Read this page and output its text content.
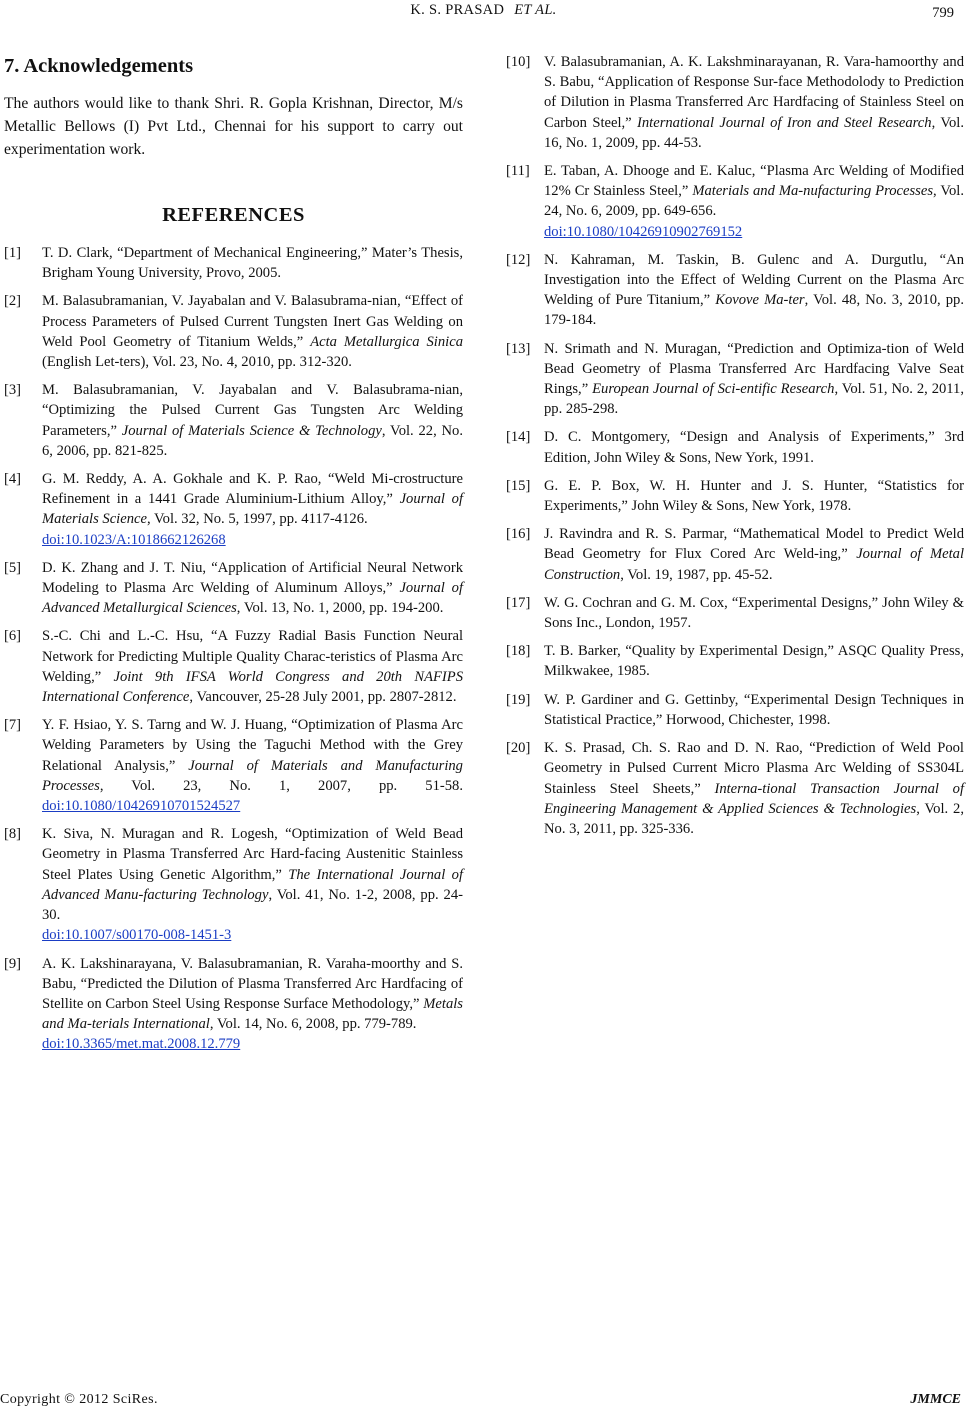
K. S. PRASAD ET AL.	799
7. Acknowledgements

The authors would like to thank Shri. R. Gopla Krishnan, Director, M/s Metallic Bellows (I) Pvt Ltd., Chennai for his support to carry out experimentation work.

REFERENCES
[1]	T. D. Clark, “Department of Mechanical Engineering,” Mater’s Thesis, Brigham Young University, Provo, 2005.
[2]	M. Balasubramanian, V. Jayabalan and V. Balasubrama-nian, “Effect of Process Parameters of Pulsed Current Tungsten Inert Gas Welding on Weld Pool Geometry of Titanium Welds,” Acta Metallurgica Sinica (English Let-ters), Vol. 23, No. 4, 2010, pp. 312-320.
[3]	M. Balasubramanian, V. Jayabalan and V. Balasubrama-nian, “Optimizing the Pulsed Current Gas Tungsten Arc Welding Parameters,” Journal of Materials Science & Technology, Vol. 22, No. 6, 2006, pp. 821-825.
[4]	G. M. Reddy, A. A. Gokhale and K. P. Rao, “Weld Mi-crostructure Refinement in a 1441 Grade Aluminium-Lithium Alloy,” Journal of Materials Science, Vol. 32, No. 5, 1997, pp. 4117-4126.
doi:10.1023/A:1018662126268
[5]	D. K. Zhang and J. T. Niu, “Application of Artificial Neural Network Modeling to Plasma Arc Welding of Aluminum Alloys,” Journal of Advanced Metallurgical Sciences, Vol. 13, No. 1, 2000, pp. 194-200.
[6]	S.-C. Chi and L.-C. Hsu, “A Fuzzy Radial Basis Function Neural Network for Predicting Multiple Quality Charac-teristics of Plasma Arc Welding,” Joint 9th IFSA World Congress and 20th NAFIPS International Conference, Vancouver, 25-28 July 2001, pp. 2807-2812.
[7]	Y. F. Hsiao, Y. S. Tarng and W. J. Huang, “Optimization of Plasma Arc Welding Parameters by Using the Taguchi Method with the Grey Relational Analysis,” Journal of Materials and Manufacturing Processes, Vol. 23, No. 1, 2007, pp. 51-58. doi:10.1080/10426910701524527
[8]	K. Siva, N. Muragan and R. Logesh, “Optimization of Weld Bead Geometry in Plasma Transferred Arc Hard-facing Austenitic Stainless Steel Plates Using Genetic Algorithm,” The International Journal of Advanced Manu-facturing Technology, Vol. 41, No. 1-2, 2008, pp. 24-30.
doi:10.1007/s00170-008-1451-3
[9]	A. K. Lakshinarayana, V. Balasubramanian, R. Varaha-moorthy and S. Babu, “Predicted the Dilution of Plasma Transferred Arc Hardfacing of Stellite on Carbon Steel Using Response Surface Methodology,” Metals and Ma-terials International, Vol. 14, No. 6, 2008, pp. 779-789.
doi:10.3365/met.mat.2008.12.779
[10] V. Balasubramanian, A. K. Lakshminarayanan, R. Vara-hamoorthy and S. Babu, “Application of Response Sur-face Methodolody to Prediction of Dilution in Plasma Transferred Arc Hardfacing of Stainless Steel on Carbon Steel,” International Journal of Iron and Steel Research, Vol. 16, No. 1, 2009, pp. 44-53.
[11] E. Taban, A. Dhooge and E. Kaluc, “Plasma Arc Welding of Modified 12% Cr Stainless Steel,” Materials and Ma-nufacturing Processes, Vol. 24, No. 6, 2009, pp. 649-656.
doi:10.1080/10426910902769152
[12] N. Kahraman, M. Taskin, B. Gulenc and A. Durgutlu, “An Investigation into the Effect of Welding Current on the Plasma Arc Welding of Pure Titanium,” Kovove Ma-ter, Vol. 48, No. 3, 2010, pp. 179-184.
[13] N. Srimath and N. Muragan, “Prediction and Optimiza-tion of Weld Bead Geometry of Plasma Transferred Arc Hardfacing Valve Seat Rings,” European Journal of Sci-entific Research, Vol. 51, No. 2, 2011, pp. 285-298.
[14] D. C. Montgomery, “Design and Analysis of Experiments,” 3rd Edition, John Wiley & Sons, New York, 1991.
[15] G. E. P. Box, W. H. Hunter and J. S. Hunter, “Statistics for Experiments,” John Wiley & Sons, New York, 1978.
[16] J. Ravindra and R. S. Parmar, “Mathematical Model to Predict Weld Bead Geometry for Flux Cored Arc Weld-ing,” Journal of Metal Construction, Vol. 19, 1987, pp. 45-52.
[17] W. G. Cochran and G. M. Cox, “Experimental Designs,” John Wiley & Sons Inc., London, 1957.
[18] T. B. Barker, “Quality by Experimental Design,” ASQC Quality Press, Milkwakee, 1985.
[19] W. P. Gardiner and G. Gettinby, “Experimental Design Techniques in Statistical Practice,” Horwood, Chichester, 1998.
[20] K. S. Prasad, Ch. S. Rao and D. N. Rao, “Prediction of Weld Pool Geometry in Pulsed Current Micro Plasma Arc Welding of SS304L Stainless Steel Sheets,” Interna-tional Transaction Journal of Engineering Management & Applied Sciences & Technologies, Vol. 2, No. 3, 2011, pp. 325-336.
Copyright © 2012 SciRes.	JMMCE
